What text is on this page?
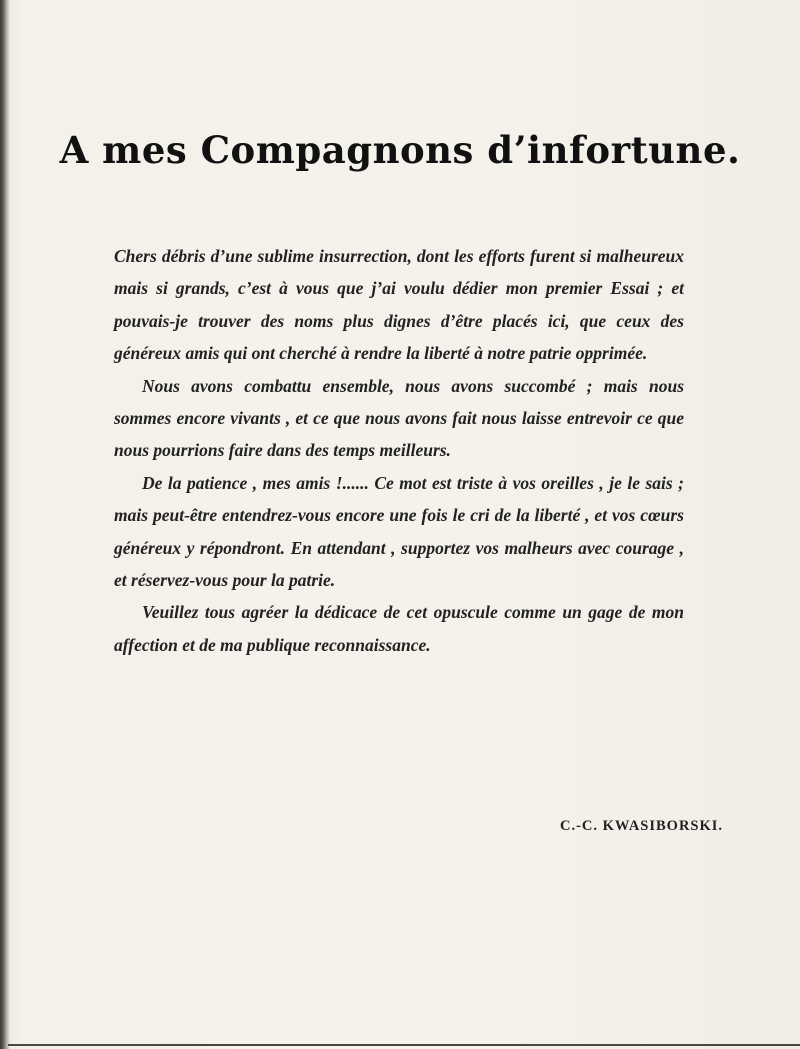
A mes Compagnons d’infortune.

Chers débris d’une sublime insurrection, dont les efforts furent si malheureux mais si grands, c’est à vous que j’ai voulu dédier mon premier Essai ; et pouvais-je trouver des noms plus dignes d’être placés ici, que ceux des généreux amis qui ont cherché à rendre la liberté à notre patrie opprimée.

Nous avons combattu ensemble, nous avons succombé ; mais nous sommes encore vivants , et ce que nous avons fait nous laisse entrevoir ce que nous pourrions faire dans des temps meilleurs.

De la patience , mes amis !...... Ce mot est triste à vos oreilles , je le sais ; mais peut-être entendrez-vous encore une fois le cri de la liberté , et vos cœurs généreux y répondront. En attendant , supportez vos malheurs avec courage , et réservez-vous pour la patrie.

Veuillez tous agréer la dédicace de cet opuscule comme un gage de mon affection et de ma publique reconnaissance.

C.-C. KWASIBORSKI.
